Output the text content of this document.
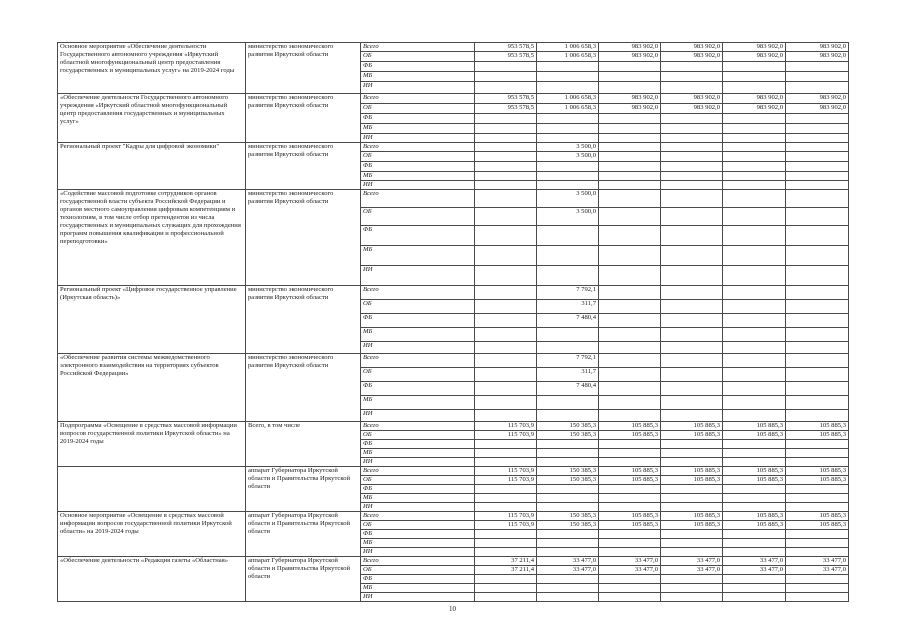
Основное мероприятие «Обеспечение деятельности Государственного автономного учреждения «Иркутский областной многофункциональный центр предоставления государственных и муниципальных услуг» на 2019-2024 годы	министерство экономического развития Иркутской области	Всего	953 578,5	1 006 658,3	983 902,0	983 902,0	983 902,0	983 902,0
		ОБ	953 578,5	1 006 658,3	983 902,0	983 902,0	983 902,0	983 902,0
		ФБ						
		МБ						
		ИИ						
«Обеспечение деятельности Государственного автономного учреждения «Иркутский областной многофункциональный центр предоставления государственных и муниципальных услуг»	министерство экономического развития Иркутской области	Всего	953 578,5	1 006 658,3	983 902,0	983 902,0	983 902,0	983 902,0
		ОБ	953 578,5	1 006 658,3	983 902,0	983 902,0	983 902,0	983 902,0
		ФБ						
		МБ						
		ИИ						
Региональный проект "Кадры для цифровой экономики"	министерство экономического развития Иркутской области	Всего		3 500,0				
		ОБ		3 500,0				
		ФБ						
		МБ						
		ИИ						
«Содействие массовой подготовке сотрудников органов государственной власти субъекта Российской Федерации и органов местного самоуправления цифровым компетенциям и технологиям, в том числе отбор претендентов из числа государственных и муниципальных служащих для прохождения программ повышения квалификации и профессиональной переподготовки»	министерство экономического развития Иркутской области	Всего		3 500,0				
		ОБ		3 500,0				
		ФБ						
		МБ						
		ИИ						
Региональный проект «Цифровое государственное управление (Иркутская область)»	министерство экономического развития Иркутской области	Всего		7 792,1				
		ОБ		311,7				
		ФБ		7 480,4				
		МБ						
		ИИ						
«Обеспечение развития системы межведомственного электронного взаимодействия на территориях субъектов Российской Федерации»	министерство экономического развития Иркутской области	Всего		7 792,1				
		ОБ		311,7				
		ФБ		7 480,4				
		МБ						
		ИИ						
Подпрограмма «Освещение в средствах массовой информации вопросов государственной политики Иркутской области» на 2019-2024 годы	Всего, в том числе	Всего	115 703,9	150 385,3	105 885,3	105 885,3	105 885,3	105 885,3
		ОБ	115 703,9	150 385,3	105 885,3	105 885,3	105 885,3	105 885,3
		ФБ						
		МБ						
		ИИ						
	аппарат Губернатора Иркутской области и Правительства Иркутской области	Всего	115 703,9	150 385,3	105 885,3	105 885,3	105 885,3	105 885,3
		ОБ	115 703,9	150 385,3	105 885,3	105 885,3	105 885,3	105 885,3
		ФБ						
		МБ						
		ИИ						
Основное мероприятие «Освещение в средствах массовой информации вопросов государственной политики Иркутской области» на 2019-2024 годы	аппарат Губернатора Иркутской области и Правительства Иркутской области	Всего	115 703,9	150 385,3	105 885,3	105 885,3	105 885,3	105 885,3
		ОБ	115 703,9	150 385,3	105 885,3	105 885,3	105 885,3	105 885,3
		ФБ						
		МБ						
		ИИ						
«Обеспечение деятельности «Редакция газеты «Областная»	аппарат Губернатора Иркутской области и Правительства Иркутской области	Всего	37 211,4	33 477,0	33 477,0	33 477,0	33 477,0	33 477,0
		ОБ	37 211,4	33 477,0	33 477,0	33 477,0	33 477,0	33 477,0
		ФБ						
		МБ						
		ИИ						
10
